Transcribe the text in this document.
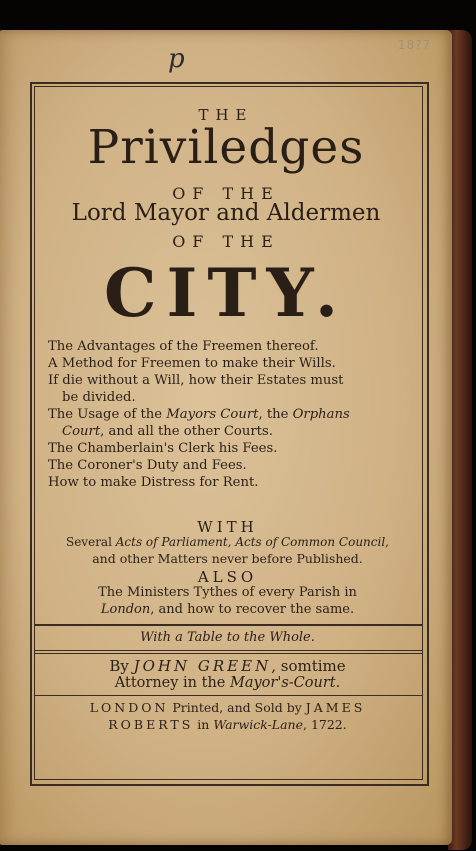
p	18?7
THE
Priviledges
OF THE
Lord Mayor and Aldermen
OF THE
CITY.
The Advantages of the Freemen thereof.
A Method for Freemen to make their Wills.
If die without a Will, how their Estates must
be divided.
The Usage of the Mayors Court, the Orphans
Court, and all the other Courts.
The Chamberlain's Clerk his Fees.
The Coroner's Duty and Fees.
How to make Distress for Rent.
WITH
Several Acts of Parliament, Acts of Common Council,
and other Matters never before Published.
ALSO
The Ministers Tythes of every Parish in
London, and how to recover the same.
With a Table to the Whole.
By JOHN GREEN, somtime
Attorney in the Mayor's-Court.
LONDON Printed, and Sold by JAMES
ROBERTS in Warwick-Lane, 1722.
